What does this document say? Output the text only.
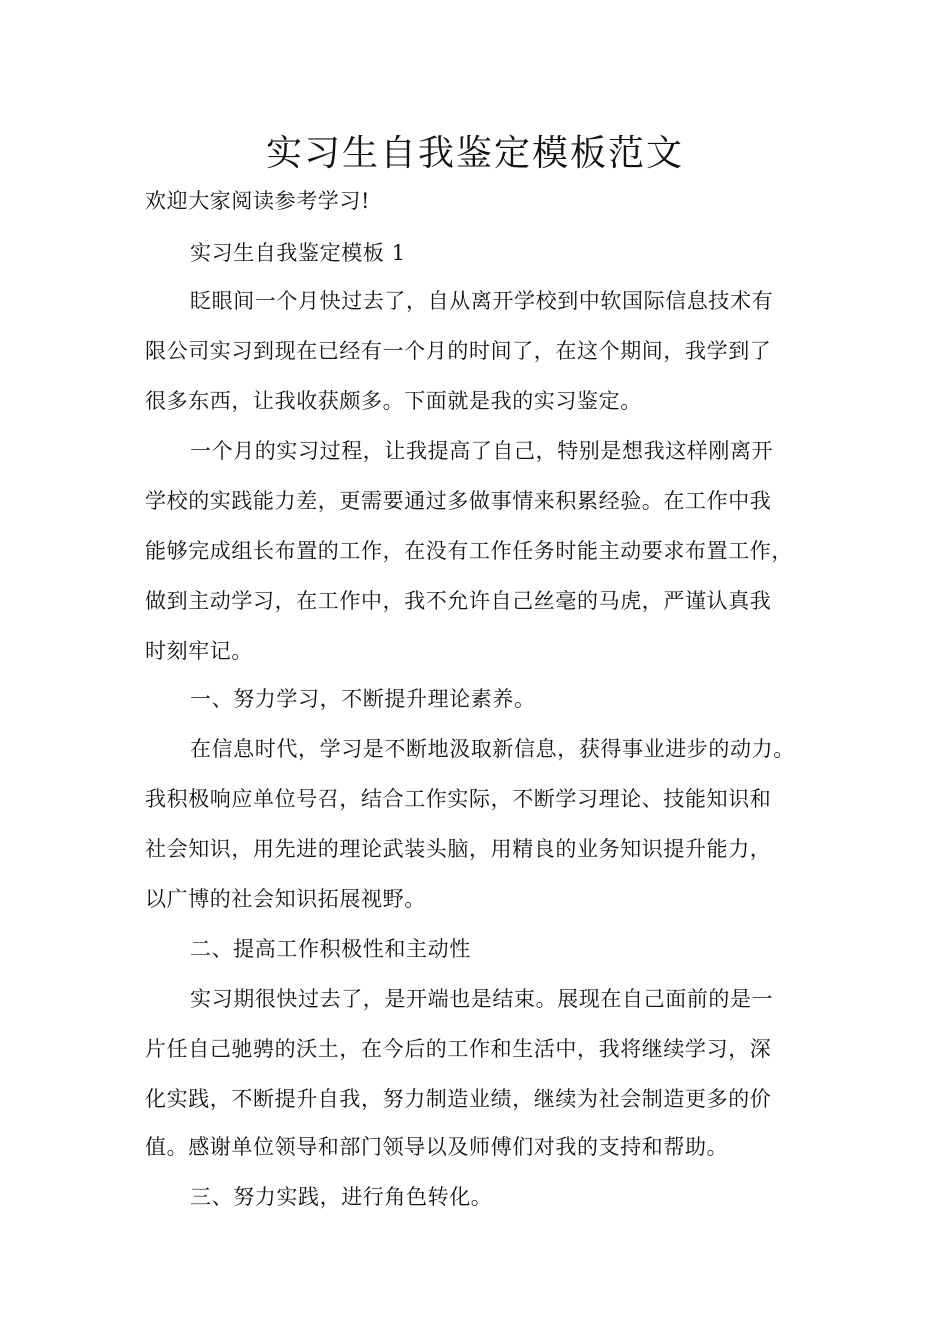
实习生自我鉴定模板范文
欢迎大家阅读参考学习!
实习生自我鉴定模板 1
眨眼间一个月快过去了，自从离开学校到中软国际信息技术有
限公司实习到现在已经有一个月的时间了，在这个期间，我学到了
很多东西，让我收获颇多。下面就是我的实习鉴定。
一个月的实习过程，让我提高了自己，特别是想我这样刚离开
学校的实践能力差，更需要通过多做事情来积累经验。在工作中我
能够完成组长布置的工作，在没有工作任务时能主动要求布置工作，
做到主动学习，在工作中，我不允许自己丝毫的马虎，严谨认真我
时刻牢记。
一、努力学习，不断提升理论素养。
在信息时代，学习是不断地汲取新信息，获得事业进步的动力。
我积极响应单位号召，结合工作实际，不断学习理论、技能知识和
社会知识，用先进的理论武装头脑，用精良的业务知识提升能力，
以广博的社会知识拓展视野。
二、提高工作积极性和主动性
实习期很快过去了，是开端也是结束。展现在自己面前的是一
片任自己驰骋的沃土，在今后的工作和生活中，我将继续学习，深
化实践，不断提升自我，努力制造业绩，继续为社会制造更多的价
值。感谢单位领导和部门领导以及师傅们对我的支持和帮助。
三、努力实践，进行角色转化。
